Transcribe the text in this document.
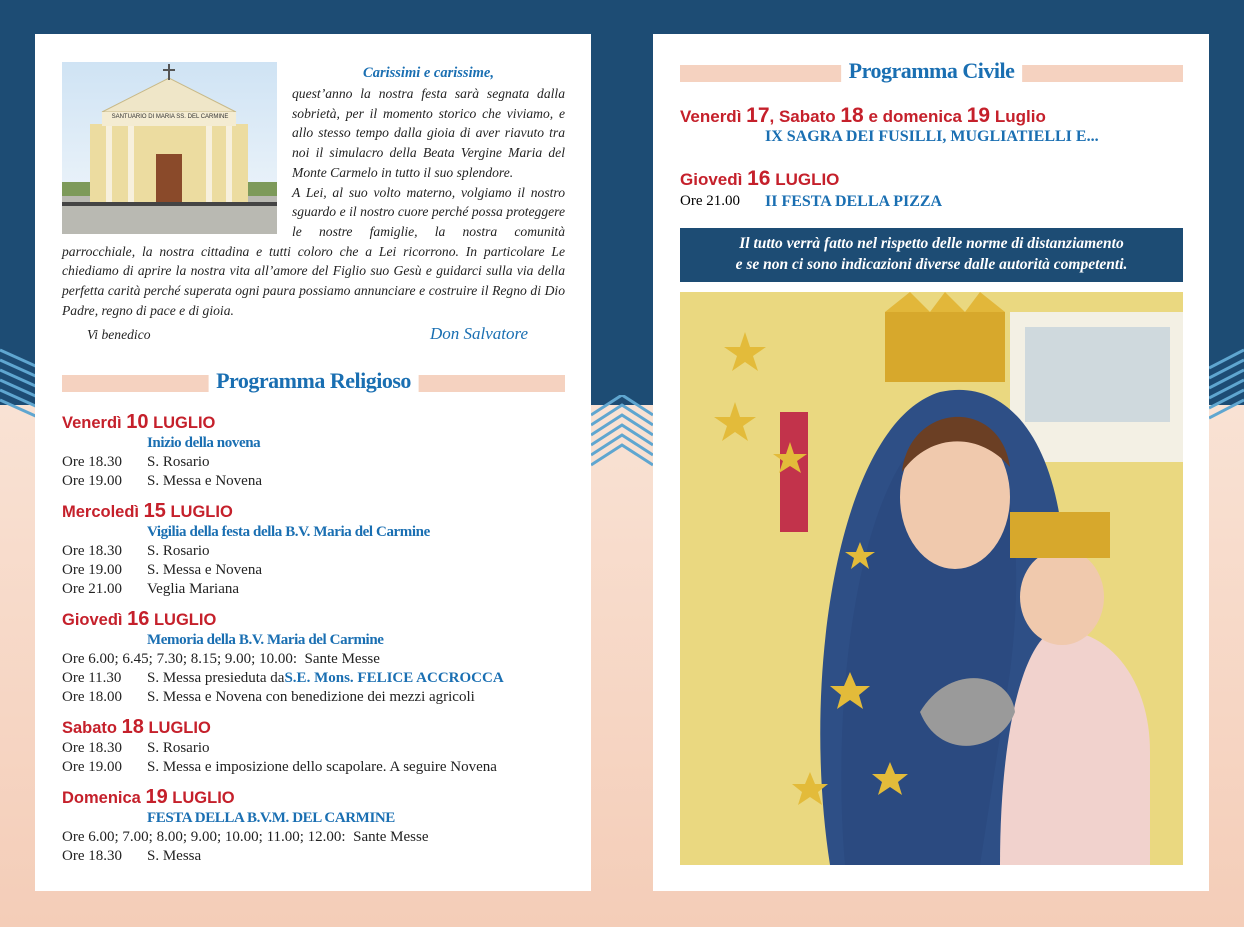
SANTUARIO DI MARIA SS. DEL CARMINE
Carissimi e carissime,

quest’anno la nostra festa sarà segnata dalla sobrietà, per il momento storico che viviamo, e allo stesso tempo dalla gioia di aver riavuto tra noi il simulacro della Beata Vergine Maria del Monte Carmelo in tutto il suo splendore.

A Lei, al suo volto materno, volgiamo il nostro sguardo e il nostro cuore perché possa proteggere le nostre famiglie, la nostra comunità parrocchiale, la nostra cittadina e tutti coloro che a Lei ricorrono. In particolare Le chiediamo di aprire la nostra vita all’amore del Figlio suo Gesù e guidarci sulla via della perfetta carità perché superata ogni paura possiamo annunciare e costruire il Regno di Dio Padre, regno di pace e di gioia.

Vi benedico	Don Salvatore
Programma Religioso
Venerdì 10 LUGLIO
Inizio della novena
Ore 18.30	S. Rosario
Ore 19.00	S. Messa e Novena
Mercoledì 15 LUGLIO
Vigilia della festa della B.V. Maria del Carmine
Ore 18.30	S. Rosario
Ore 19.00	S. Messa e Novena
Ore 21.00	Veglia Mariana
Giovedì 16 LUGLIO
Memoria della B.V. Maria del Carmine
Ore 6.00; 6.45; 7.30; 8.15; 9.00; 10.00:
Sante Messe
Ore 11.30	S. Messa presieduta da S.E. Mons. FELICE ACCROCCA
Ore 18.00	S. Messa e Novena con benedizione dei mezzi agricoli
Sabato 18 LUGLIO
Ore 18.30	S. Rosario
Ore 19.00	S. Messa e imposizione dello scapolare. A seguire Novena
Domenica 19 LUGLIO
FESTA DELLA B.V.M. DEL CARMINE
Ore 6.00; 7.00; 8.00; 9.00; 10.00; 11.00; 12.00:
Sante Messe
Ore 18.30	S. Messa
Programma Civile
Venerdì 17, Sabato 18 e domenica 19 Luglio
IX SAGRA DEI FUSILLI, MUGLIATIELLI E...
Giovedì 16 LUGLIO
Ore 21.00	II FESTA DELLA PIZZA
Il tutto verrà fatto nel rispetto delle norme di distanziamento
e se non ci sono indicazioni diverse dalle autorità competenti.
